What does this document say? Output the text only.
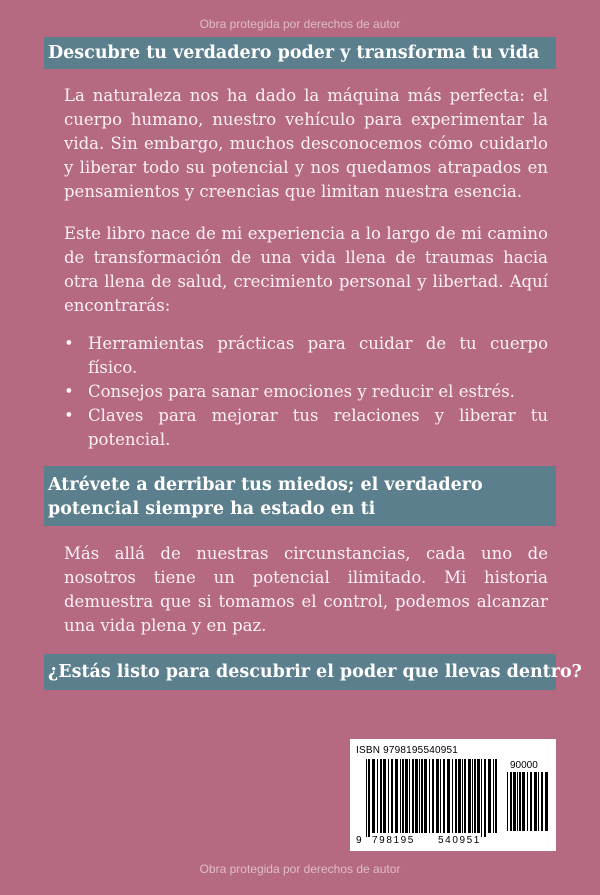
Obra protegida por derechos de autor
Descubre tu verdadero poder y transforma tu vida

La naturaleza nos ha dado la máquina más perfecta: el cuerpo humano, nuestro vehículo para experimentar la vida. Sin embargo, muchos desconocemos cómo cuidarlo y liberar todo su potencial y nos quedamos atrapados en pensamientos y creencias que limitan nuestra esencia.

Este libro nace de mi experiencia a lo largo de mi camino de transformación de una vida llena de traumas hacia otra llena de salud, crecimiento personal y libertad. Aquí encontrarás:

• Herramientas prácticas para cuidar de tu cuerpo físico.
• Consejos para sanar emociones y reducir el estrés.
• Claves para mejorar tus relaciones y liberar tu potencial.
Atrévete a derribar tus miedos; el verdadero potencial siempre ha estado en ti

Más allá de nuestras circunstancias, cada uno de nosotros tiene un potencial ilimitado. Mi historia demuestra que si tomamos el control, podemos alcanzar una vida plena y en paz.

¿Estás listo para descubrir el poder que llevas dentro?
ISBN 9798195540951
90000
9 798195 540951
Obra protegida por derechos de autor
